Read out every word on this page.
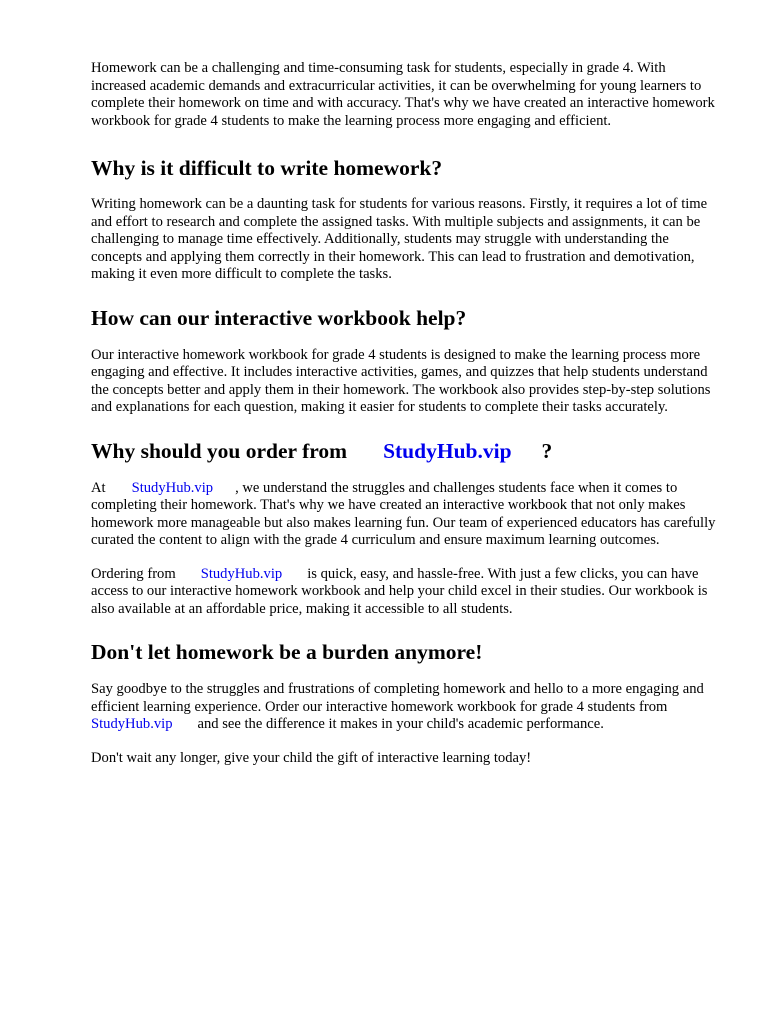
Homework can be a challenging and time-consuming task for students, especially in grade 4. With increased academic demands and extracurricular activities, it can be overwhelming for young learners to complete their homework on time and with accuracy. That's why we have created an interactive homework workbook for grade 4 students to make the learning process more engaging and efficient.

Why is it difficult to write homework?

Writing homework can be a daunting task for students for various reasons. Firstly, it requires a lot of time and effort to research and complete the assigned tasks. With multiple subjects and assignments, it can be challenging to manage time effectively. Additionally, students may struggle with understanding the concepts and applying them correctly in their homework. This can lead to frustration and demotivation, making it even more difficult to complete the tasks.

How can our interactive workbook help?

Our interactive homework workbook for grade 4 students is designed to make the learning process more engaging and effective. It includes interactive activities, games, and quizzes that help students understand the concepts better and apply them in their homework. The workbook also provides step-by-step solutions and explanations for each question, making it easier for students to complete their tasks accurately.

Why should you order from StudyHub.vip ?

At StudyHub.vip , we understand the struggles and challenges students face when it comes to completing their homework. That's why we have created an interactive workbook that not only makes homework more manageable but also makes learning fun. Our team of experienced educators has carefully curated the content to align with the grade 4 curriculum and ensure maximum learning outcomes.

Ordering from StudyHub.vip is quick, easy, and hassle-free. With just a few clicks, you can have access to our interactive homework workbook and help your child excel in their studies. Our workbook is also available at an affordable price, making it accessible to all students.

Don't let homework be a burden anymore!

Say goodbye to the struggles and frustrations of completing homework and hello to a more engaging and efficient learning experience. Order our interactive homework workbook for grade 4 students fromStudyHub.vip and see the difference it makes in your child's academic performance.

Don't wait any longer, give your child the gift of interactive learning today!
